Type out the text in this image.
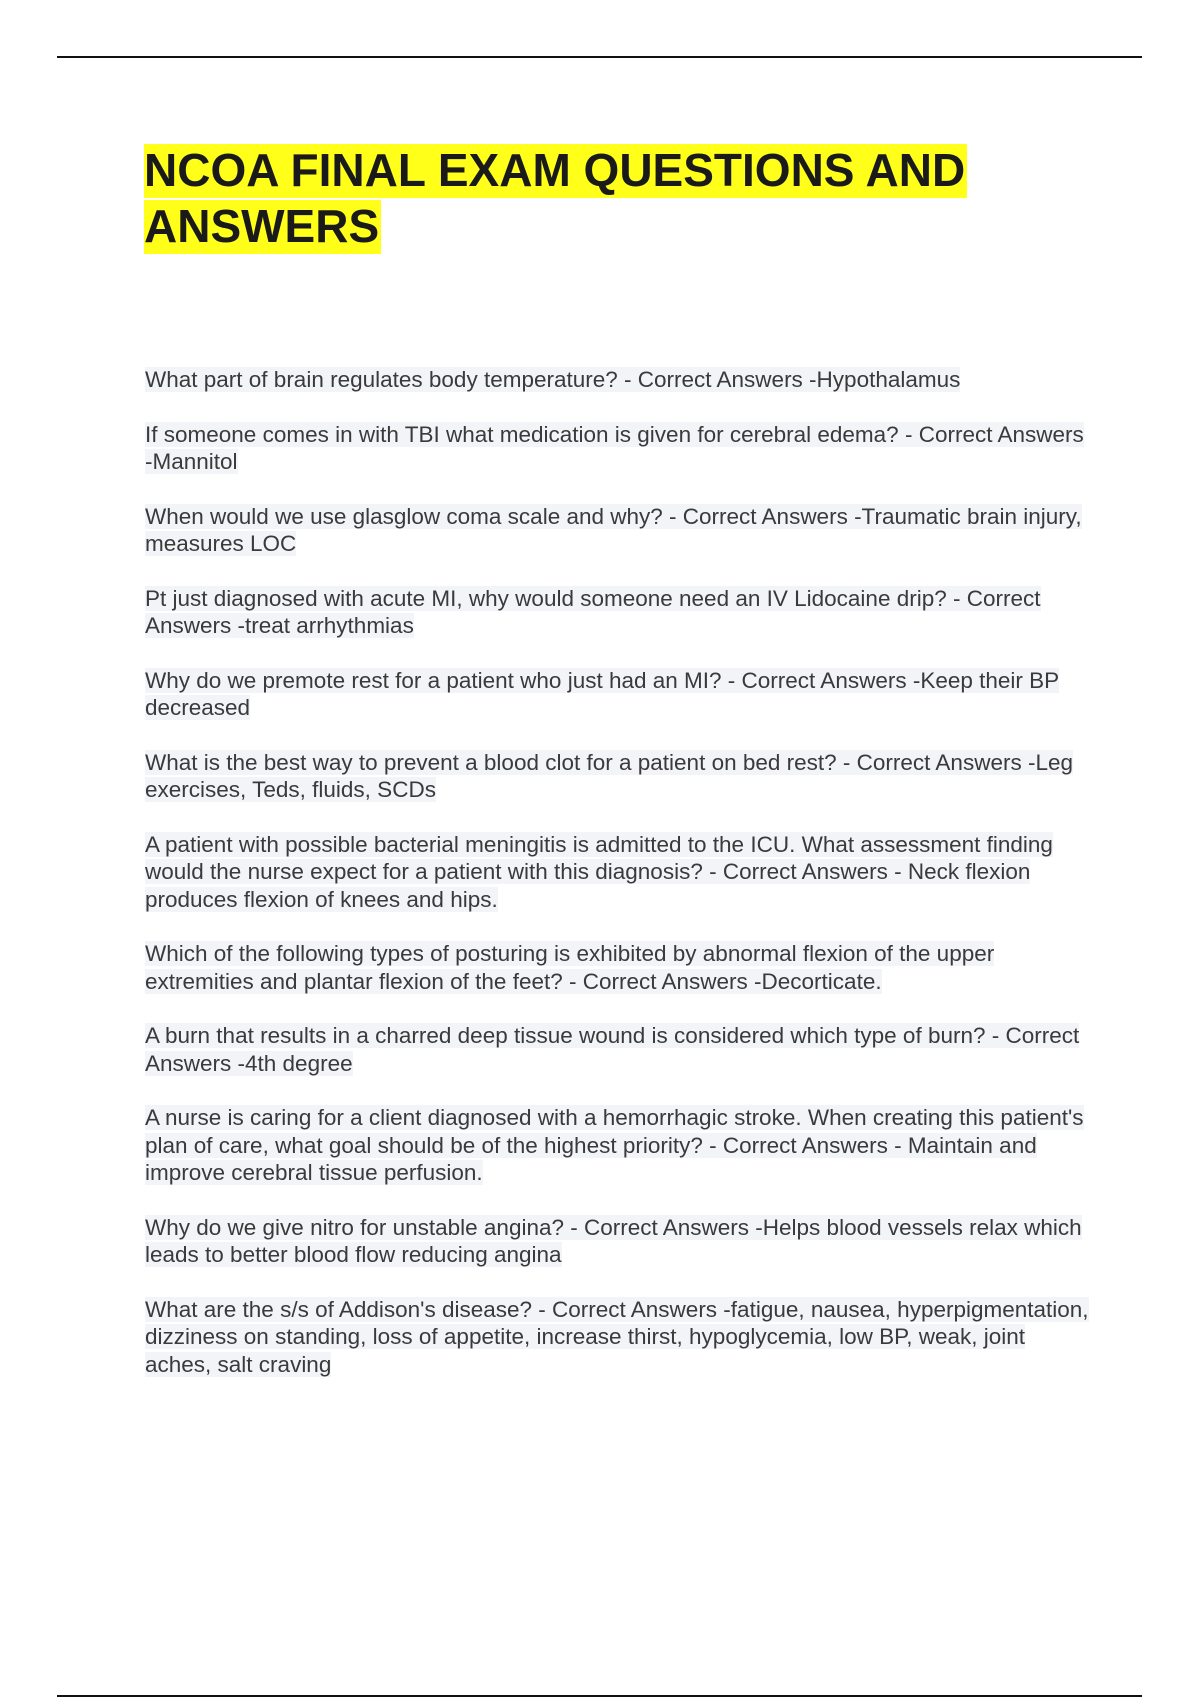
NCOA FINAL EXAM QUESTIONS AND ANSWERS

What part of brain regulates body temperature? - Correct Answers -Hypothalamus

If someone comes in with TBI what medication is given for cerebral edema? - Correct Answers -Mannitol

When would we use glasglow coma scale and why? - Correct Answers -Traumatic brain injury, measures LOC

Pt just diagnosed with acute MI, why would someone need an IV Lidocaine drip? - Correct Answers -treat arrhythmias

Why do we premote rest for a patient who just had an MI? - Correct Answers -Keep their BP decreased

What is the best way to prevent a blood clot for a patient on bed rest? - Correct Answers -Leg exercises, Teds, fluids, SCDs

A patient with possible bacterial meningitis is admitted to the ICU. What assessment finding would the nurse expect for a patient with this diagnosis? - Correct Answers - Neck flexion produces flexion of knees and hips.

Which of the following types of posturing is exhibited by abnormal flexion of the upper extremities and plantar flexion of the feet? - Correct Answers -Decorticate.

A burn that results in a charred deep tissue wound is considered which type of burn? - Correct Answers -4th degree

A nurse is caring for a client diagnosed with a hemorrhagic stroke. When creating this patient's plan of care, what goal should be of the highest priority? - Correct Answers - Maintain and improve cerebral tissue perfusion.

Why do we give nitro for unstable angina? - Correct Answers -Helps blood vessels relax which leads to better blood flow reducing angina

What are the s/s of Addison's disease? - Correct Answers -fatigue, nausea, hyperpigmentation, dizziness on standing, loss of appetite, increase thirst, hypoglycemia, low BP, weak, joint aches, salt craving
